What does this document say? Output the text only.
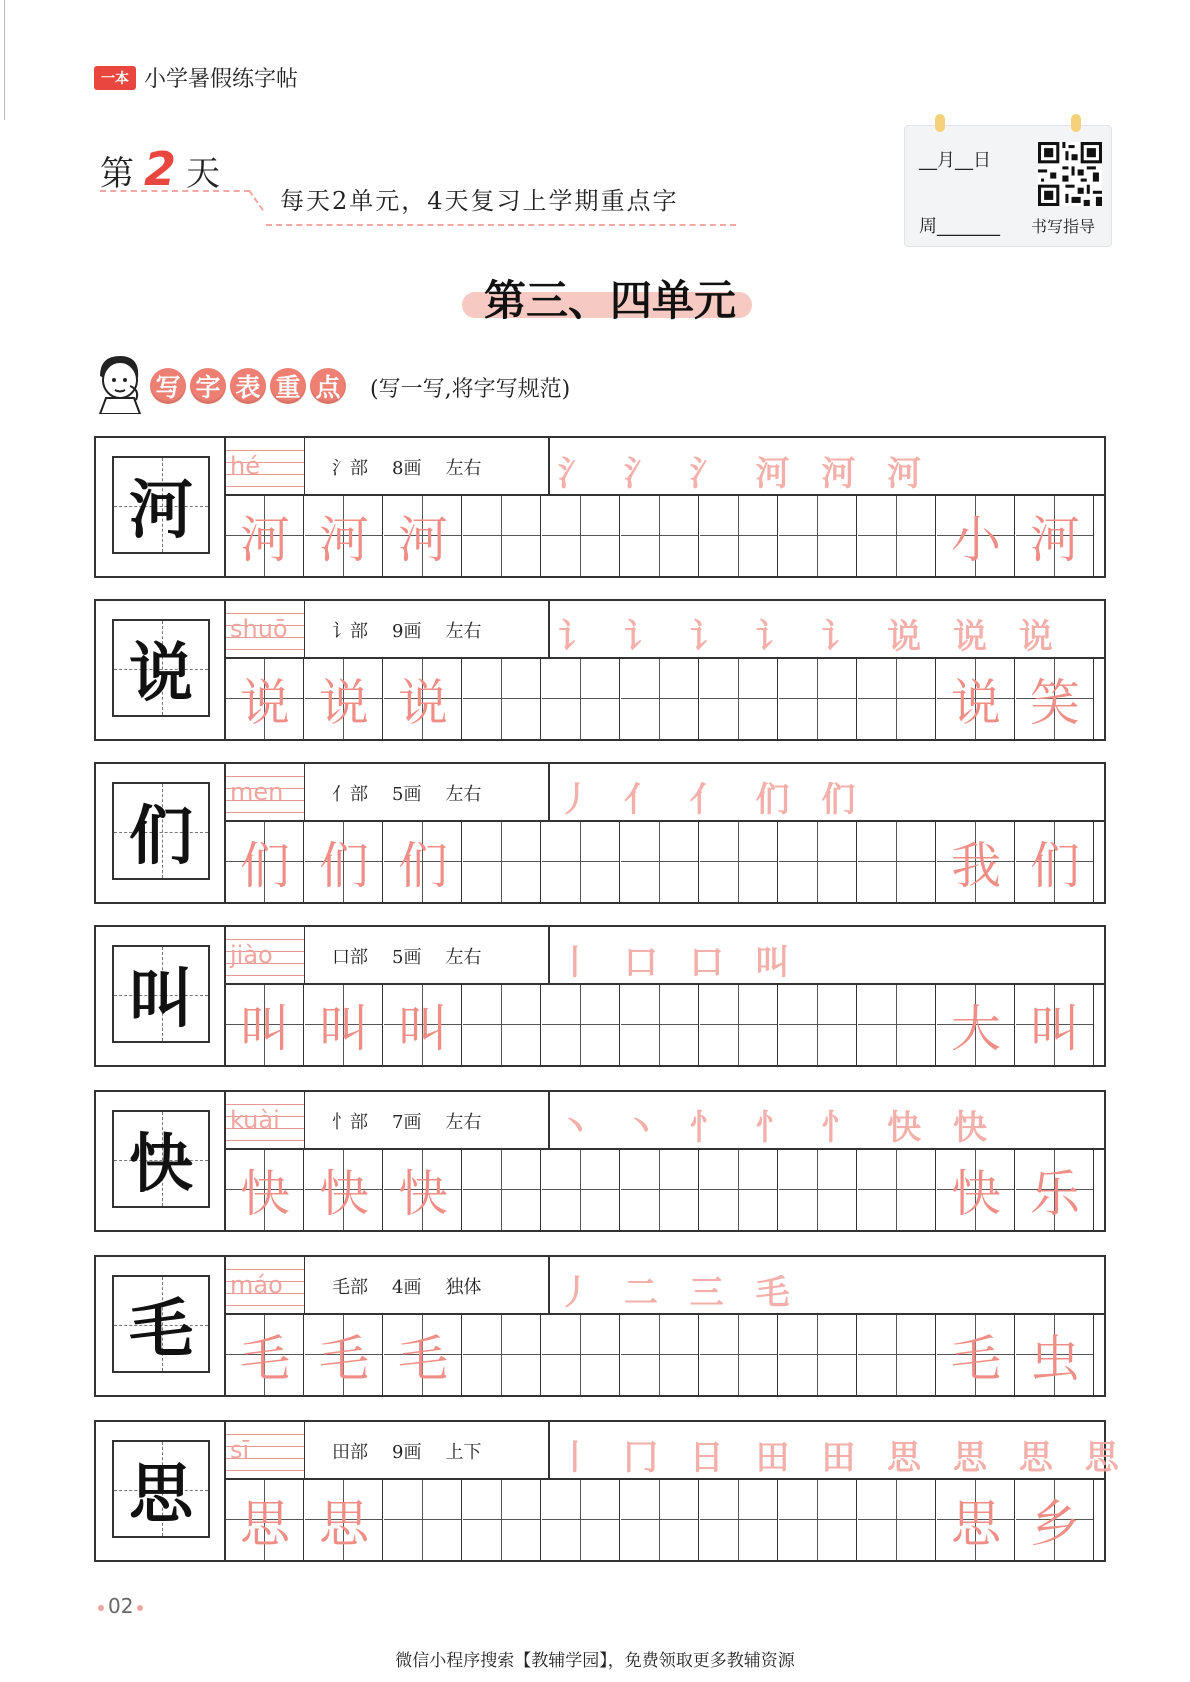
一本 小学暑假练字帖
第 2 天
每天2单元，4天复习上学期重点字
__月__日
周_______ 书写指导
第三、四单元
写 字 表 重 点 (写一写,将字写规范)
河
hé	氵部 8画 左右	氵 氵 氵 河 河 河
河 河 河	小 河
说
shuō 讠部 9画 左右	讠 讠 讠 讠 讠 说 说 说
说 说 说	说 笑
们
men	亻部 5画 左右	丿 亻 亻 们 们
们 们 们	我 们
叫
jiào	口部 5画 左右	丨 口 口 叫
叫 叫 叫	大 叫
快
kuài	忄部 7画 左右	丶 丶 忄 忄 忄 快 快
快 快 快	快 乐
毛
máo	毛部 4画 独体	丿 二 三 毛
毛 毛 毛	毛 虫
思
sī	田部 9画 上下	丨 冂 日 田 田 思 思 思 思
思 思	思 乡
02
微信小程序搜索【教辅学园】，免费领取更多教辅资源
